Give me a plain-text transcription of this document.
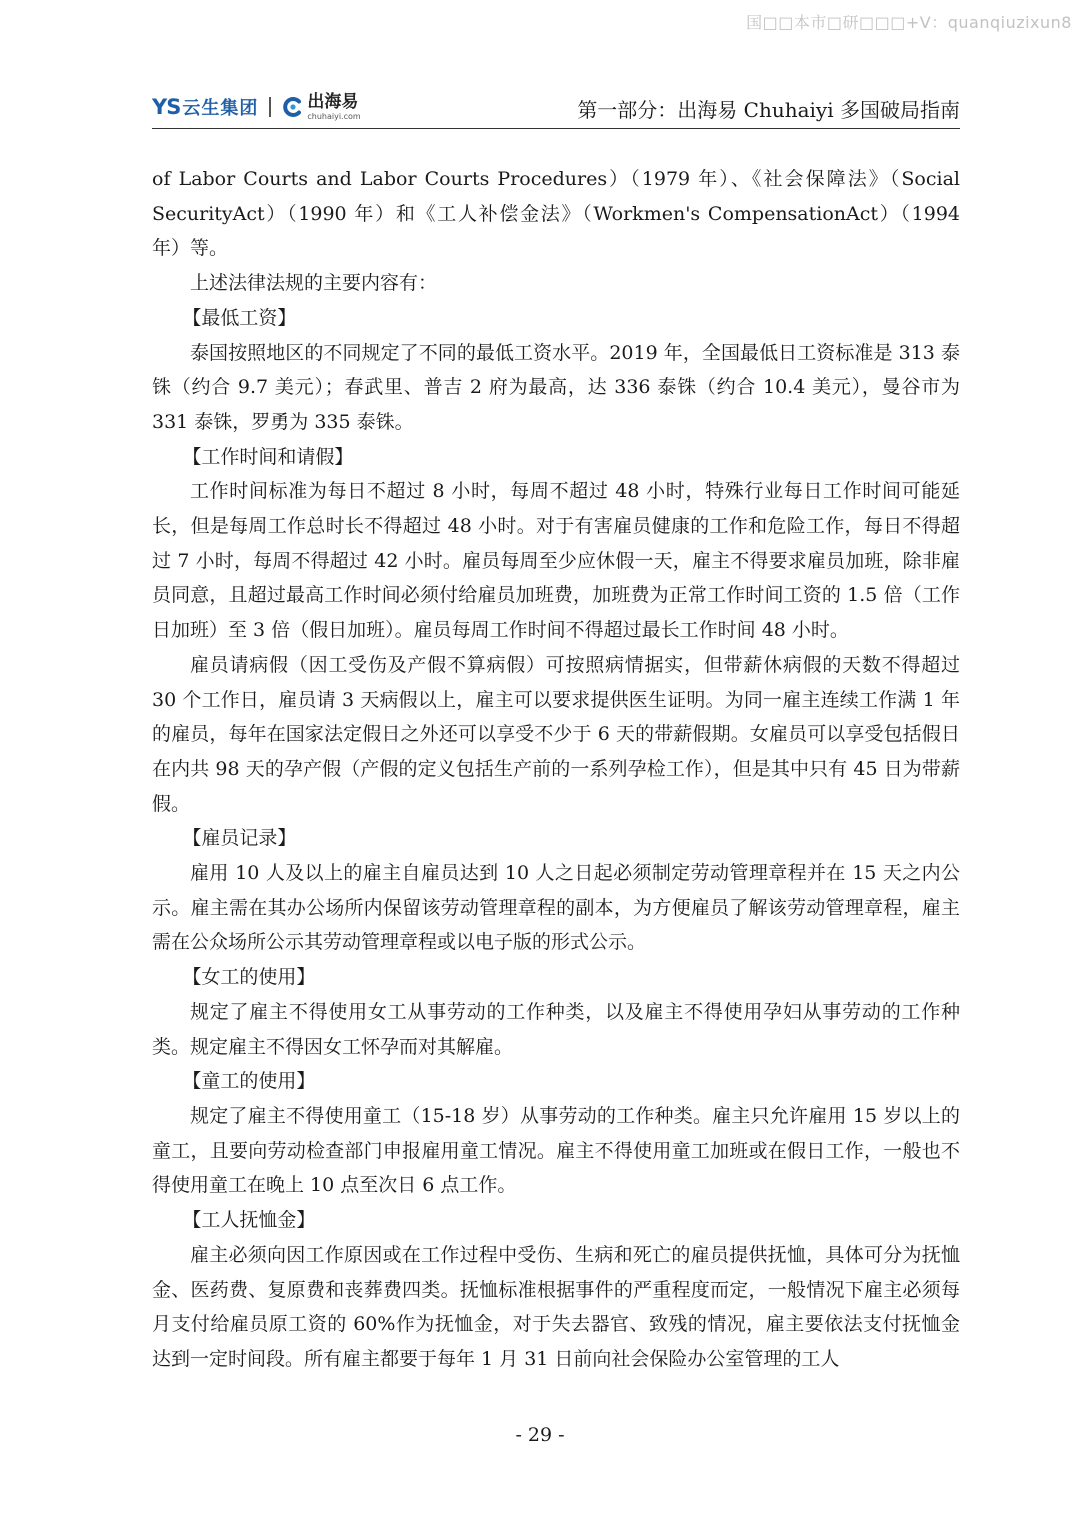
国□□本市□研□□□+V：quanqiuzixun8
YS 云生集团	出海易
chuhaiyi.com	第一部分：出海易 Chuhaiyi 多国破局指南

of Labor Courts and Labor Courts Procedures）（1979 年）、《社会保障法》（Social SecurityAct）（1990 年）和《工人补偿金法》（Workmen's CompensationAct）（1994 年）等。

上述法律法规的主要内容有：

【最低工资】

泰国按照地区的不同规定了不同的最低工资水平。2019 年，全国最低日工资标准是 313 泰铢（约合 9.7 美元）；春武里、普吉 2 府为最高，达 336 泰铢（约合 10.4 美元），曼谷市为 331 泰铢，罗勇为 335 泰铢。

【工作时间和请假】

工作时间标准为每日不超过 8 小时，每周不超过 48 小时，特殊行业每日工作时间可能延长，但是每周工作总时长不得超过 48 小时。对于有害雇员健康的工作和危险工作，每日不得超过 7 小时，每周不得超过 42 小时。雇员每周至少应休假一天，雇主不得要求雇员加班，除非雇员同意，且超过最高工作时间必须付给雇员加班费，加班费为正常工作时间工资的 1.5 倍（工作日加班）至 3 倍（假日加班）。雇员每周工作时间不得超过最长工作时间 48 小时。

雇员请病假（因工受伤及产假不算病假）可按照病情据实，但带薪休病假的天数不得超过 30 个工作日，雇员请 3 天病假以上，雇主可以要求提供医生证明。为同一雇主连续工作满 1 年的雇员，每年在国家法定假日之外还可以享受不少于 6 天的带薪假期。女雇员可以享受包括假日在内共 98 天的孕产假（产假的定义包括生产前的一系列孕检工作），但是其中只有 45 日为带薪假。

【雇员记录】

雇用 10 人及以上的雇主自雇员达到 10 人之日起必须制定劳动管理章程并在 15 天之内公示。雇主需在其办公场所内保留该劳动管理章程的副本，为方便雇员了解该劳动管理章程，雇主需在公众场所公示其劳动管理章程或以电子版的形式公示。

【女工的使用】

规定了雇主不得使用女工从事劳动的工作种类，以及雇主不得使用孕妇从事劳动的工作种类。规定雇主不得因女工怀孕而对其解雇。

【童工的使用】

规定了雇主不得使用童工（15-18 岁）从事劳动的工作种类。雇主只允许雇用 15 岁以上的童工，且要向劳动检查部门申报雇用童工情况。雇主不得使用童工加班或在假日工作，一般也不得使用童工在晚上 10 点至次日 6 点工作。

【工人抚恤金】

雇主必须向因工作原因或在工作过程中受伤、生病和死亡的雇员提供抚恤，具体可分为抚恤金、医药费、复原费和丧葬费四类。抚恤标准根据事件的严重程度而定，一般情况下雇主必须每月支付给雇员原工资的 60%作为抚恤金，对于失去器官、致残的情况，雇主要依法支付抚恤金达到一定时间段。所有雇主都要于每年 1 月 31 日前向社会保险办公室管理的工人

- 29 -
